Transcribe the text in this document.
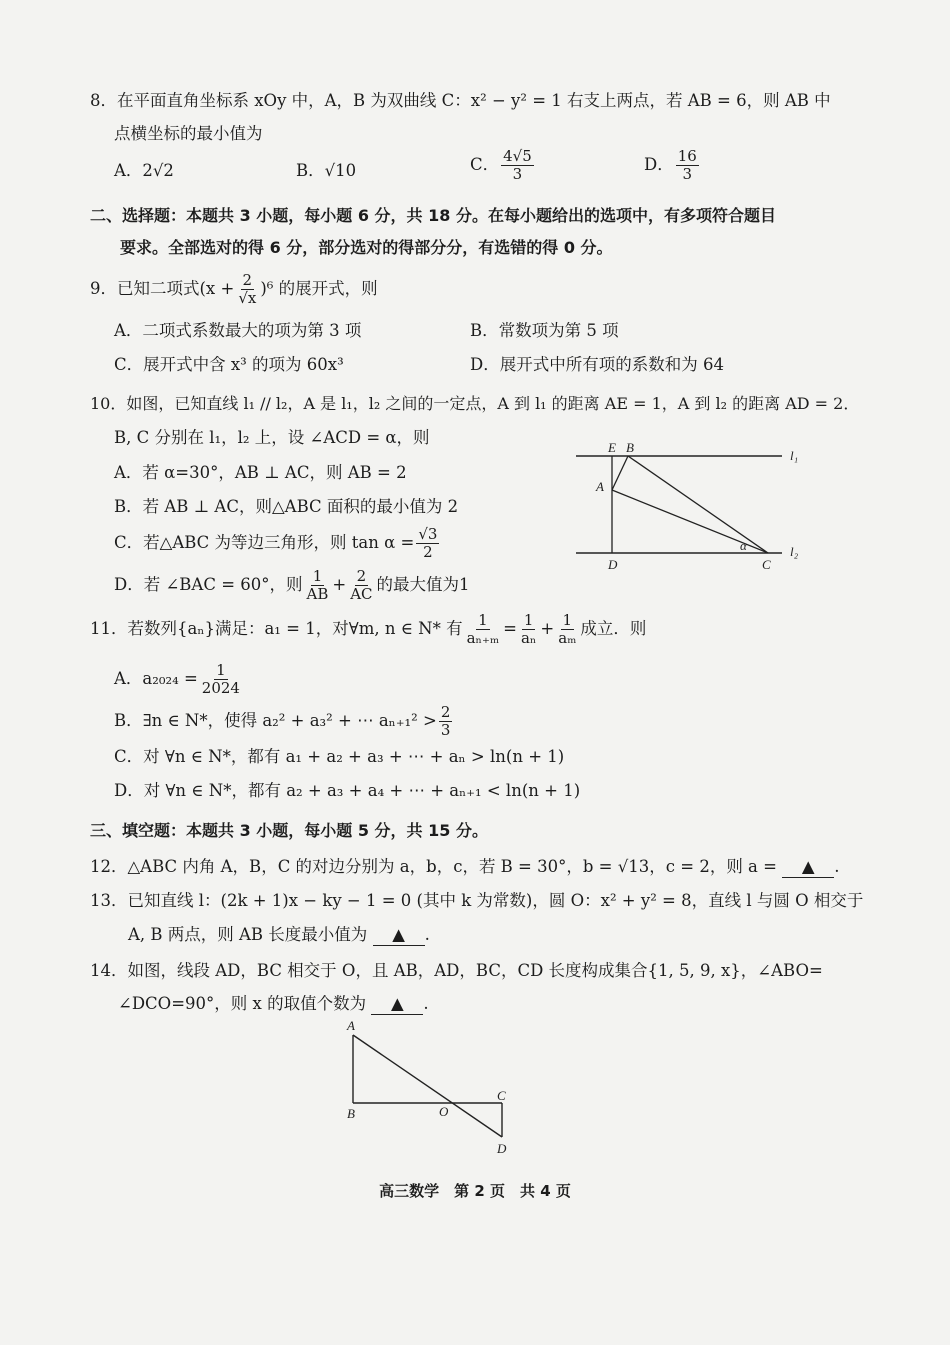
8．在平面直角坐标系 xOy 中，A，B 为双曲线 C：x² − y² = 1 右支上两点，若 AB = 6，则 AB 中
点横坐标的最小值为
A．2√2	B．√10	C． $\frac{4√5}{3}$	D． $\frac{16}{3}$
二、选择题：本题共 3 小题，每小题 6 分，共 18 分。在每小题给出的选项中，有多项符合题目
要求。全部选对的得 6 分，部分选对的得部分分，有选错的得 0 分。
9．已知二项式$(x + \frac{2}{√x} )^6$ 的展开式，则
A．二项式系数最大的项为第 3 项	B．常数项为第 5 项
C．展开式中含 x³ 的项为 60x³	D．展开式中所有项的系数和为 64
10．如图，已知直线 l₁ // l₂，A 是 l₁，l₂ 之间的一定点，A 到 l₁ 的距离 AE = 1，A 到 l₂ 的距离 AD = 2．
B, C 分别在 l₁，l₂ 上，设 ∠ACD = α，则
A．若 α=30°，AB ⊥ AC，则 AB = 2
B．若 AB ⊥ AC，则△ABC 面积的最小值为 2
C．若△ABC 为等边三角形，则 $\tan \alpha = \frac{√3}{2}$
D．若 ∠BAC = 60°，则 $\frac{1}{AB} + \frac{2}{AC}$ 的最大值为1
E B
A
D	C
l₁
l₂
α
11．若数列{aₙ}满足：a₁ = 1，对∀m, n ∈ N* 有 $\frac{1}{\text{aₙ₊ₘ}} = \frac{1}{\text{aₙ}} + \frac{1}{\text{aₘ}}$ 成立．则
A．$a_{2024} = \frac{1}{2024}$
B．∃n ∈ N*，使得 a₂² + a₃² + ⋯ $a_{n+1}^2 > \frac{2}{3}$
C．对 ∀n ∈ N*，都有 a₁ + a₂ + a₃ + ⋯ + aₙ > ln(n + 1)
D．对 ∀n ∈ N*，都有 a₂ + a₃ + a₄ + ⋯ + aₙ₊₁ < ln(n + 1)
三、填空题：本题共 3 小题，每小题 5 分，共 15 分。
12．△ABC 内角 A，B，C 的对边分别为 a，b，c，若 B = 30°，b = √13，c = 2，则 a = ▲ .
13．已知直线 l：(2k + 1)x − ky − 1 = 0 (其中 k 为常数)，圆 O：x² + y² = 8，直线 l 与圆 O 相交于
A, B 两点，则 AB 长度最小值为 ▲ .
14．如图，线段 AD，BC 相交于 O，且 AB，AD，BC，CD 长度构成集合{1, 5, 9, x}，∠ABO=
∠DCO=90°，则 x 的取值个数为 ▲ .
A
B	O
C
D
高三数学　第 2 页　共 4 页
